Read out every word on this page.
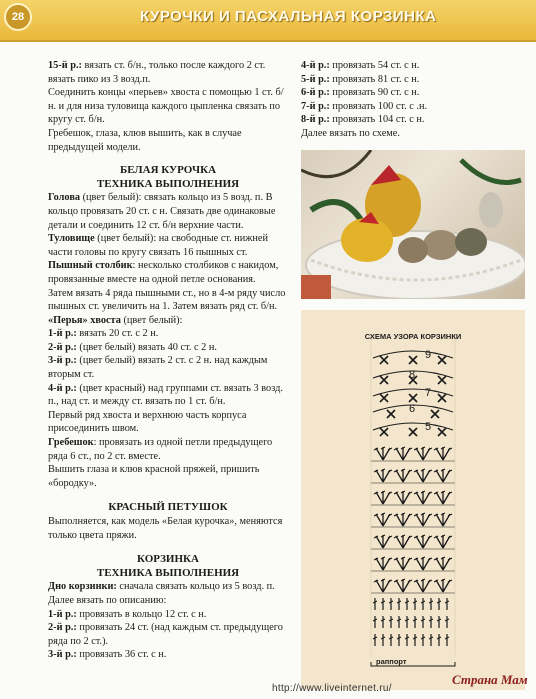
28	КУРОЧКИ И ПАСХАЛЬНАЯ КОРЗИНКА

15-й р.: вязать ст. б/н., только после каждого 2 ст. вязать пико из 3 возд.п.

Соединить концы «перьев» хвоста с помощью 1 ст. б/н. и для низа туловища каждого цыпленка связать по кругу ст. б/н.

Гребешок, глаза, клюв вышить, как в случае предыдущей модели.

БЕЛАЯ КУРОЧКА
ТЕХНИКА ВЫПОЛНЕНИЯ

Голова (цвет белый): связать кольцо из 5 возд. п. В кольцо провязать 20 ст. с н. Связать две одинаковые детали и соединить 12 ст. б/н верхние части.

Туловище (цвет белый): на свободные ст. нижней части головы по кругу связать 16 пышных ст.

Пышный столбик: несколько столбиков с накидом, провязанные вместе на одной петле основания.

Затем вязать 4 ряда пышными ст., но в 4-м ряду число пышных ст. увеличить на 1. Затем вязать ряд ст. б/н.

«Перья» хвоста (цвет белый):

1-й р.: вязать 20 ст. с 2 н.

2-й р.: (цвет белый) вязать 40 ст. с 2 н.

3-й р.: (цвет белый) вязать 2 ст. с 2 н. над каждым вторым ст.

4-й р.: (цвет красный) над группами ст. вязать 3 возд. п., над ст. и между ст. вязать по 1 ст. б/н.

Первый ряд хвоста и верхнюю часть корпуса присоединить швом.

Гребешок: провязать из одной петли предыдущего ряда 6 ст., по 2 ст. вместе.

Вышить глаза и клюв красной пряжей, пришить «бородку».

КРАСНЫЙ ПЕТУШОК

Выполняется, как модель «Белая курочка», меняются только цвета пряжи.

КОРЗИНКА
ТЕХНИКА ВЫПОЛНЕНИЯ

Дно корзинки: сначала связать кольцо из 5 возд. п. Далее вязать по описанию:

1-й р.: провязать в кольцо 12 ст. с н.

2-й р.: провязать 24 ст. (над каждым ст. предыдущего ряда по 2 ст.).

3-й р.: провязать 36 ст. с н.

4-й р.: провязать 54 ст. с н.

5-й р.: провязать 81 ст. с н.

6-й р.: провязать 90 ст. с н.

7-й р.: провязать 100 ст. с .н.

8-й р.: провязать 104 ст. с н.

Далее вязать по схеме.

9
8
7
6
5
СХЕМА УЗОРА КОРЗИНКИ
раппорт
http://www.liveinternet.ru/
Страна Мам
